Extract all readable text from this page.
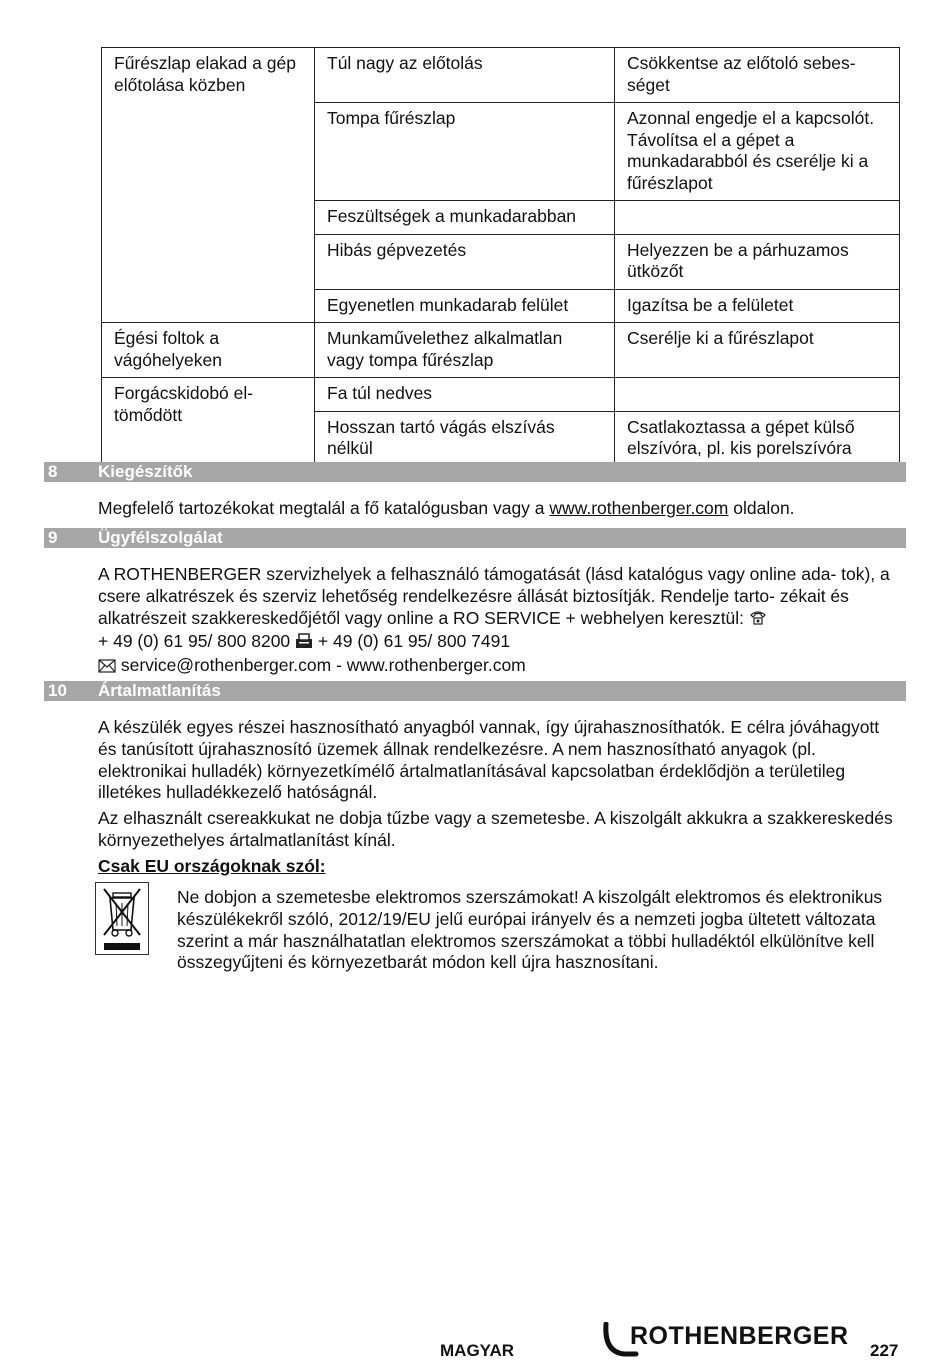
Fűrészlap elakad a gép előtolása közben	Túl nagy az előtolás	Csökkentse az előtoló sebes- séget
	Tompa fűrészlap	Azonnal engedje el a kapcsolót. Távolítsa el a gépet a munkadarabból és cserélje ki a fűrészlapot
	Feszültségek a munkadarabban	
	Hibás gépvezetés	Helyezzen be a párhuzamos ütközőt
	Egyenetlen munkadarab felület	Igazítsa be a felületet
Égési foltok a vágóhelyeken	Munkaművelethez alkalmatlan vagy tompa fűrészlap	Cserélje ki a fűrészlapot
Forgácskidobó el- tömődött	Fa túl nedves	
	Hosszan tartó vágás elszívás nélkül	Csatlakoztassa a gépet külső elszívóra, pl. kis porelszívóra
8 Kiegészítők

Megfelelő tartozékokat megtalál a fő katalógusban vagy a www.rothenberger.com oldalon.

9 Ügyfélszolgálat

A ROTHENBERGER szervizhelyek a felhasználó támogatását (lásd katalógus vagy online ada- tok), a csere alkatrészek és szerviz lehetőség rendelkezésre állását biztosítják. Rendelje tarto- zékait és alkatrészeit szakkereskedőjétől vagy online a RO SERVICE + webhelyen keresztül:
+ 49 (0) 61 95/ 800 8200 + 49 (0) 61 95/ 800 7491
service@rothenberger.com - www.rothenberger.com

10 Ártalmatlanítás

A készülék egyes részei hasznosítható anyagból vannak, így újrahasznosíthatók. E célra jóváhagyott és tanúsított újrahasznosító üzemek állnak rendelkezésre. A nem hasznosítható anyagok (pl. elektronikai hulladék) környezetkímélő ártalmatlanításával kapcsolatban érdeklődjön a területileg illetékes hulladékkezelő hatóságnál.

Az elhasznált csereakkukat ne dobja tűzbe vagy a szemetesbe. A kiszolgált akkukra a szakkereskedés környezethelyes ártalmatlanítást kínál.

Csak EU országoknak szól:

Ne dobjon a szemetesbe elektromos szerszámokat! A kiszolgált elektromos és elektronikus készülékekről szóló, 2012/19/EU jelű európai irányelv és a nemzeti jogba ültetett változata szerint a már használhatatlan elektromos szerszámokat a többi hulladéktól elkülönítve kell összegyűjteni és környezetbarát módon kell újra hasznosítani.

MAGYAR
ROTHENBERGER
227
